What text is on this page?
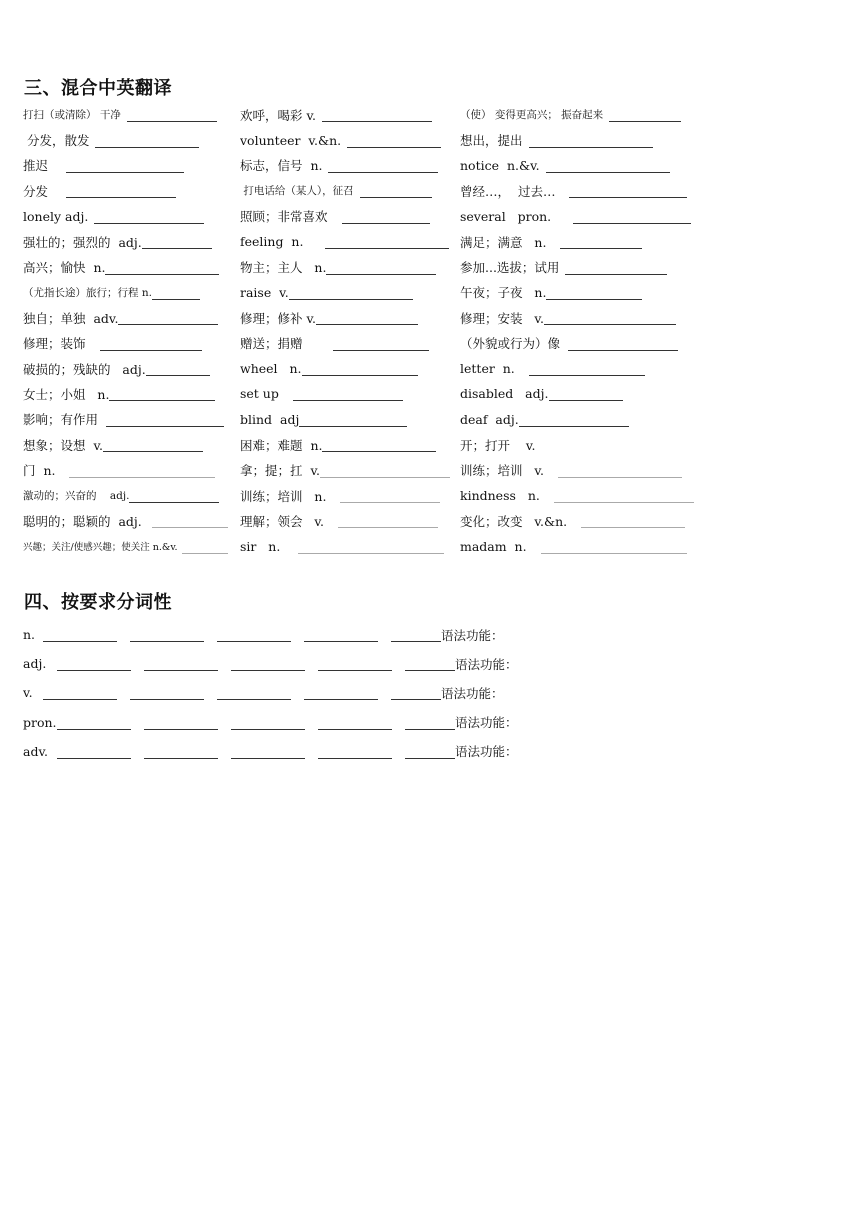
三、混合中英翻译
打扫（或清除） 干净	欢呼，喝彩 v.	（使） 变得更高兴； 振奋起来
分发，散发	volunteer  v.&n.	想出，提出
推迟	标志，信号  n.	notice  n.&v.
分发	打电话给（某人），征召	曾经…，  过去…
lonely adj.	照顾；非常喜欢	several   pron.
强壮的；强烈的  adj.	feeling  n.	满足；满意   n.
高兴；愉快  n.	物主；主人   n.	参加...选拔；试用
（尤指长途）旅行；行程 n.	raise  v.	午夜；子夜   n.
独自；单独  adv.	修理；修补 v.	修理；安装   v.
修理；装饰	赠送；捐赠	（外貌或行为）像
破损的；残缺的   adj.	wheel   n.	letter  n.
女士；小姐   n.	set up	disabled   adj.
影响；有作用	blind  adj	deaf  adj.
想象；设想  v.	困难；难题  n.	开；打开    v.
门  n.	拿；提；扛  v.	训练；培训   v.
激动的；兴奋的    adj.	训练；培训   n.	kindness   n.
聪明的；聪颖的  adj.	理解；领会   v.	变化；改变   v.&n.
兴趣；关注/使感兴趣；使关注 n.&v.	sir   n.	madam  n.
四、按要求分词性
n.	语法功能：
adj.	语法功能：
v.	语法功能：
pron.	语法功能：
adv.	语法功能：
